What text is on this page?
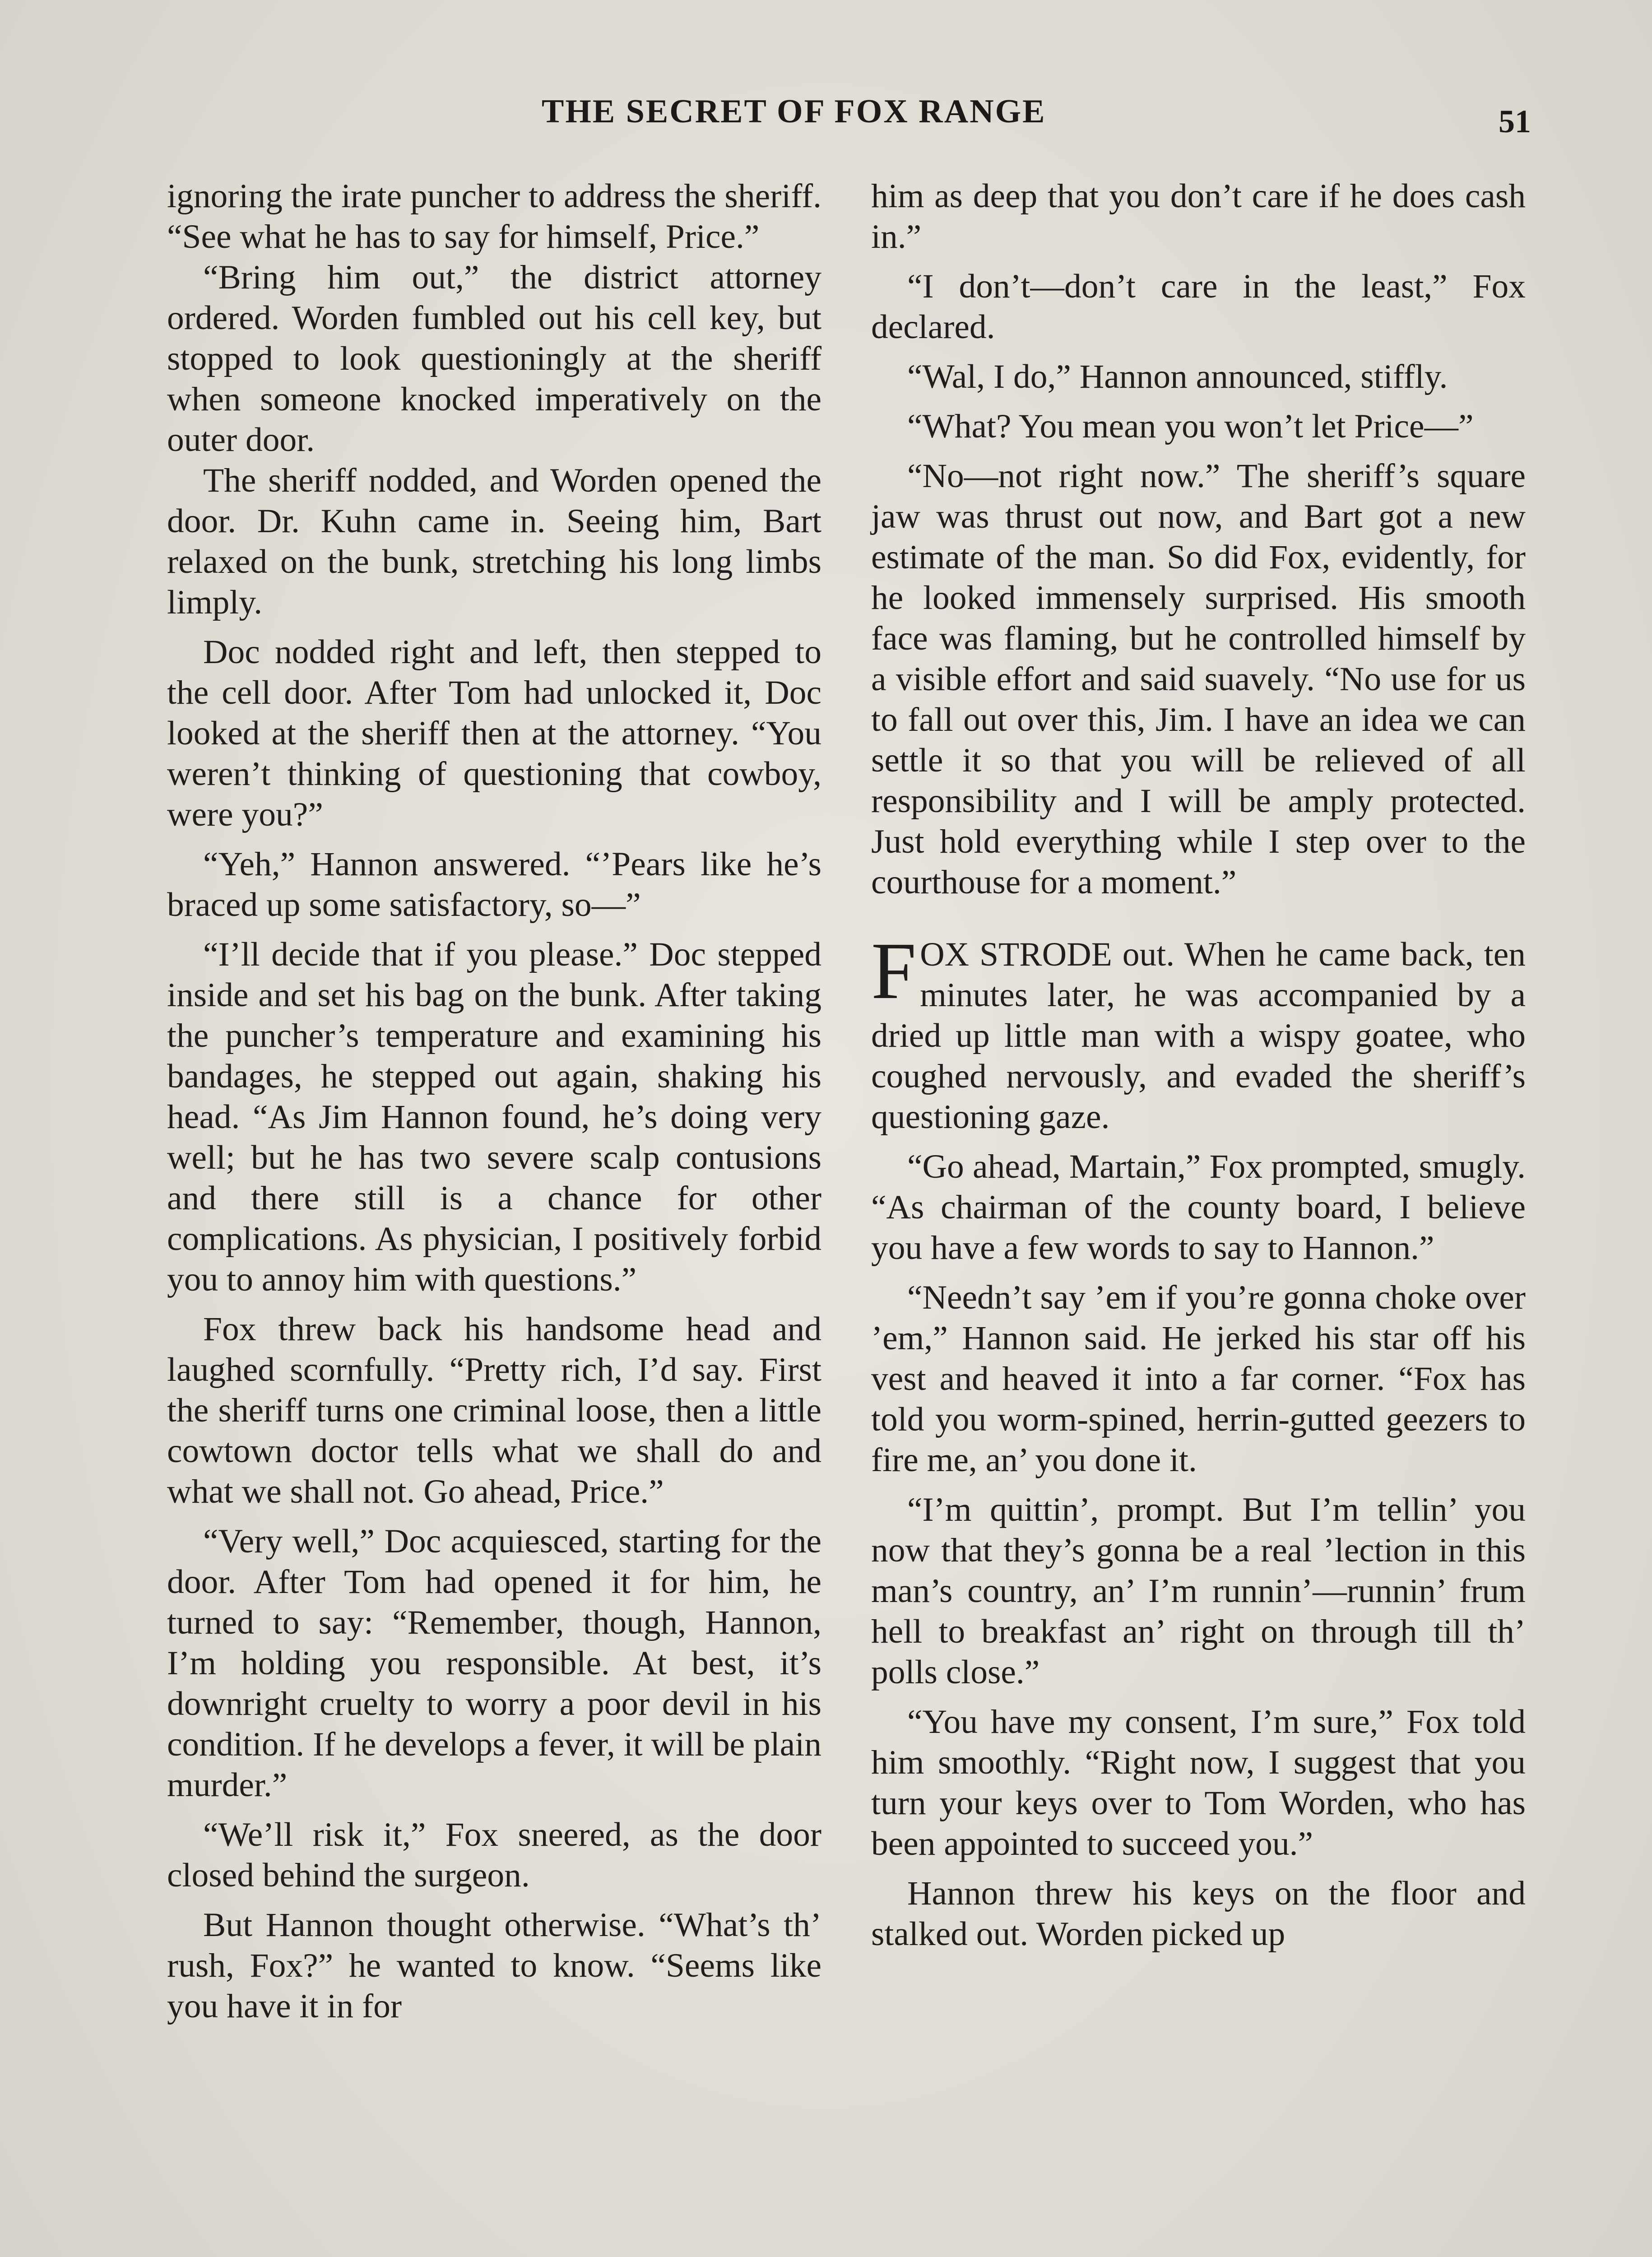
THE SECRET OF FOX RANGE	51

ignoring the irate puncher to address the sheriff. “See what he has to say for himself, Price.”

“Bring him out,” the district attorney ordered. Worden fumbled out his cell key, but stopped to look questioningly at the sheriff when someone knocked imperatively on the outer door.

The sheriff nodded, and Worden opened the door. Dr. Kuhn came in. Seeing him, Bart relaxed on the bunk, stretching his long limbs limply.

Doc nodded right and left, then stepped to the cell door. After Tom had unlocked it, Doc looked at the sheriff then at the attorney. “You weren’t thinking of questioning that cowboy, were you?”

“Yeh,” Hannon answered. “’Pears like he’s braced up some satisfactory, so—”

“I’ll decide that if you please.” Doc stepped inside and set his bag on the bunk. After taking the puncher’s temperature and examining his bandages, he stepped out again, shaking his head. “As Jim Hannon found, he’s doing very well; but he has two severe scalp contusions and there still is a chance for other complications. As physician, I positively forbid you to annoy him with questions.”

Fox threw back his handsome head and laughed scornfully. “Pretty rich, I’d say. First the sheriff turns one criminal loose, then a little cowtown doctor tells what we shall do and what we shall not. Go ahead, Price.”

“Very well,” Doc acquiesced, starting for the door. After Tom had opened it for him, he turned to say: “Remember, though, Hannon, I’m holding you responsible. At best, it’s downright cruelty to worry a poor devil in his condition. If he develops a fever, it will be plain murder.”

“We’ll risk it,” Fox sneered, as the door closed behind the surgeon.

But Hannon thought otherwise. “What’s th’ rush, Fox?” he wanted to know. “Seems like you have it in for

him as deep that you don’t care if he does cash in.”

“I don’t—don’t care in the least,” Fox declared.

“Wal, I do,” Hannon announced, stiffly.

“What? You mean you won’t let Price—”

“No—not right now.” The sheriff’s square jaw was thrust out now, and Bart got a new estimate of the man. So did Fox, evidently, for he looked immensely surprised. His smooth face was flaming, but he controlled himself by a visible effort and said suavely. “No use for us to fall out over this, Jim. I have an idea we can settle it so that you will be relieved of all responsibility and I will be amply protected. Just hold everything while I step over to the courthouse for a moment.”

FOX STRODE out. When he came back, ten minutes later, he was accompanied by a dried up little man with a wispy goatee, who coughed nervously, and evaded the sheriff’s questioning gaze.

“Go ahead, Martain,” Fox prompted, smugly. “As chairman of the county board, I believe you have a few words to say to Hannon.”

“Needn’t say ’em if you’re gonna choke over ’em,” Hannon said. He jerked his star off his vest and heaved it into a far corner. “Fox has told you worm-spined, herrin-gutted geezers to fire me, an’ you done it.

“I’m quittin’, prompt. But I’m tellin’ you now that they’s gonna be a real ’lection in this man’s country, an’ I’m runnin’—runnin’ frum hell to breakfast an’ right on through till th’ polls close.”

“You have my consent, I’m sure,” Fox told him smoothly. “Right now, I suggest that you turn your keys over to Tom Worden, who has been appointed to succeed you.”

Hannon threw his keys on the floor and stalked out. Worden picked up
